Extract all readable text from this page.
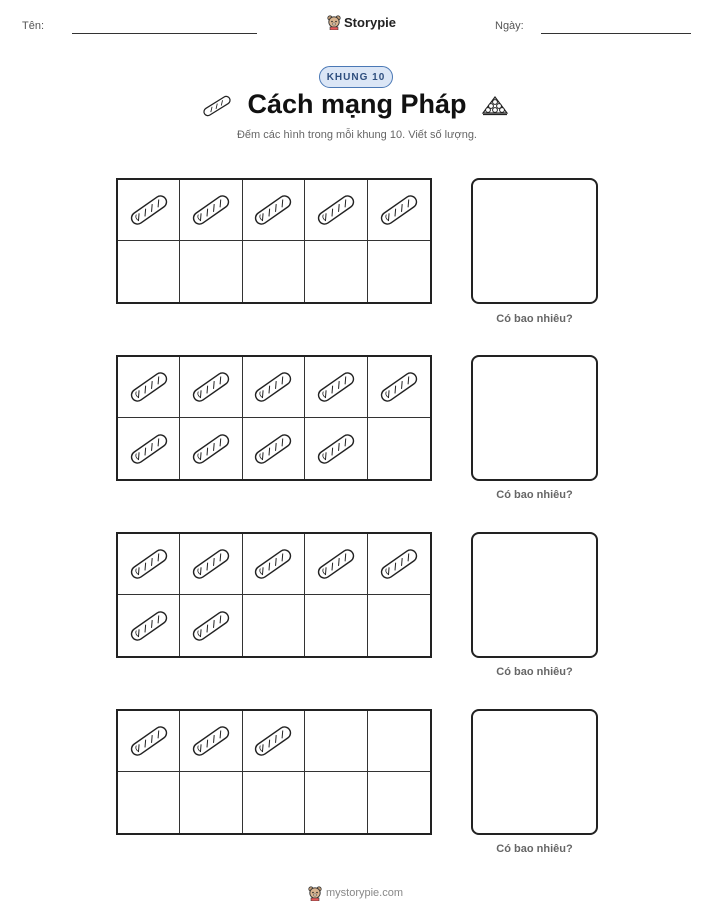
Tên:	Storypie	Ngày:
KHUNG 10
Cách mạng Pháp
Đếm các hình trong mỗi khung 10. Viết số lượng.
Có bao nhiêu?
Có bao nhiêu?
Có bao nhiêu?
Có bao nhiêu?
mystorypie.com
